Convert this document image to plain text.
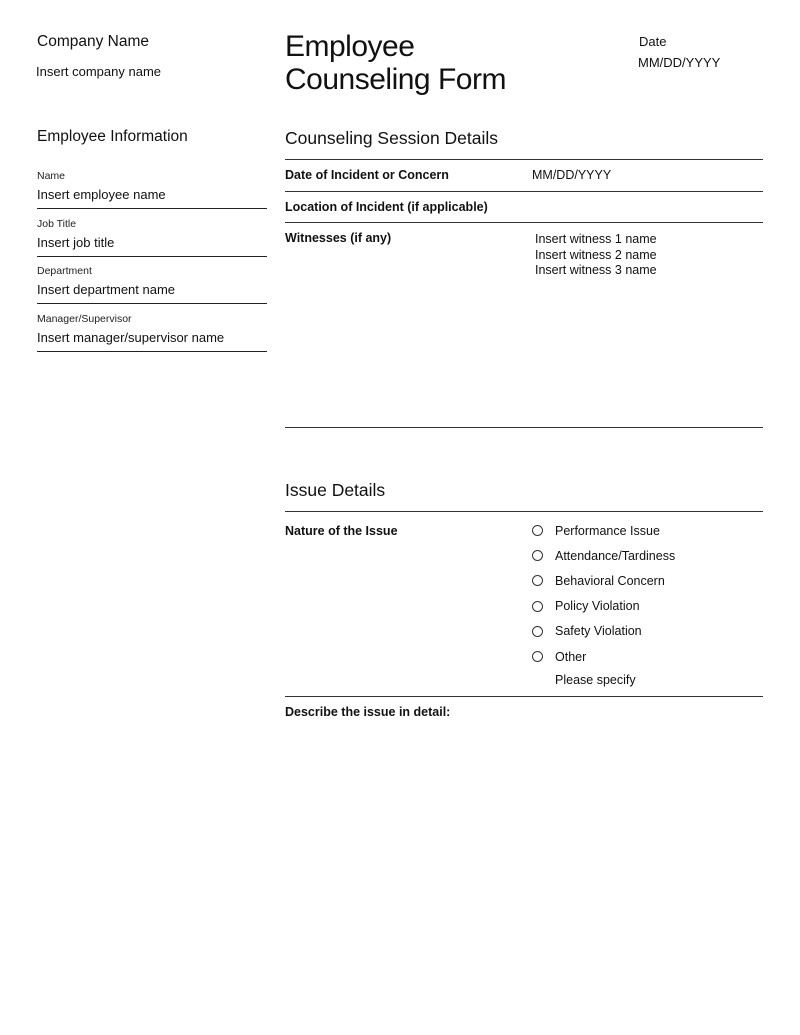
Company Name
Insert company name
Employee
Counseling Form
Date
MM/DD/YYYY
Employee Information
Name
Insert employee name
Job Title
Insert job title
Department
Insert department name
Manager/Supervisor
Insert manager/supervisor name
Counseling Session Details
Date of Incident or Concern	MM/DD/YYYY
Location of Incident (if applicable)
Witnesses (if any)	Insert witness 1 name
Insert witness 2 name
Insert witness 3 name
Issue Details
Nature of the Issue	Performance Issue
Attendance/Tardiness
Behavioral Concern
Policy Violation
Safety Violation
Other
Please specify
Describe the issue in detail:
